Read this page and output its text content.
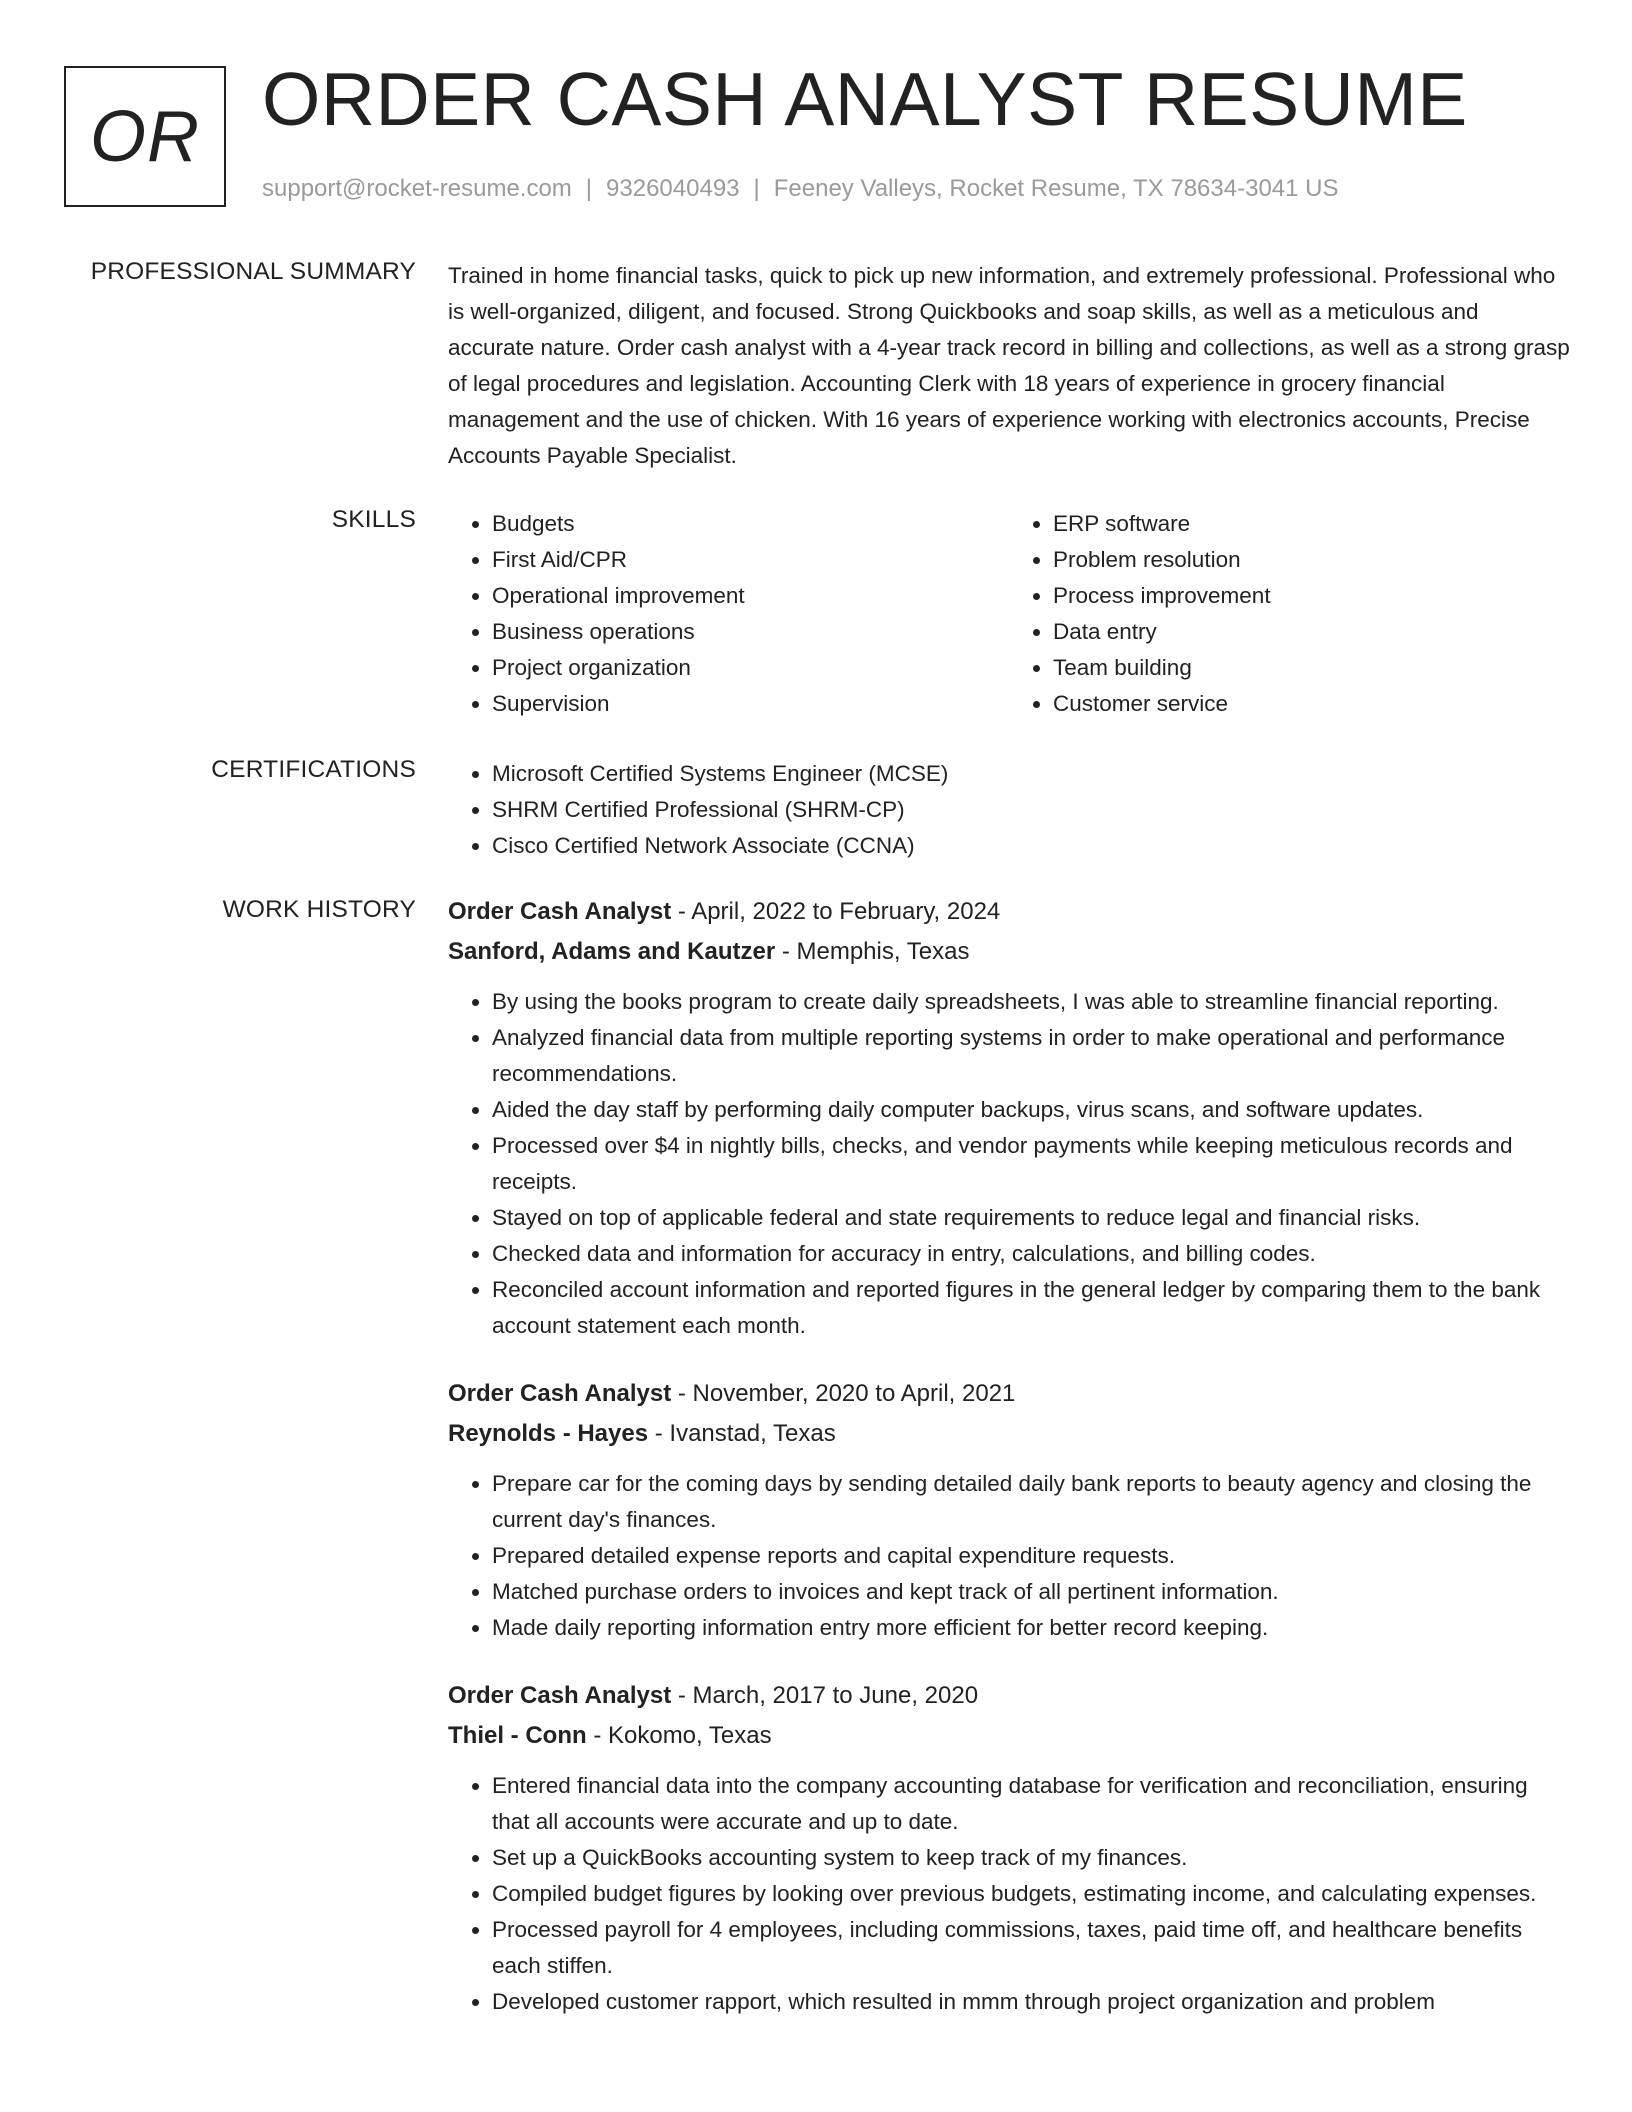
OR ORDER CASH ANALYST RESUME
support@rocket-resume.com | 9326040493 | Feeney Valleys, Rocket Resume, TX 78634-3041 US
PROFESSIONAL SUMMARY Trained in home financial tasks, quick to pick up new information, and extremely professional. Professional who is well-organized, diligent, and focused. Strong Quickbooks and soap skills, as well as a meticulous and accurate nature. Order cash analyst with a 4-year track record in billing and collections, as well as a strong grasp of legal procedures and legislation. Accounting Clerk with 18 years of experience in grocery financial management and the use of chicken. With 16 years of experience working with electronics accounts, Precise Accounts Payable Specialist.

SKILLS	• Budgets
• First Aid/CPR
• Operational improvement
• Business operations
• Project organization
• Supervision
• ERP software
• Problem resolution
• Process improvement
• Data entry
• Team building
• Customer service
CERTIFICATIONS	• Microsoft Certified Systems Engineer (MCSE)
• SHRM Certified Professional (SHRM-CP)
• Cisco Certified Network Associate (CCNA)
WORK HISTORY Order Cash Analyst - April, 2022 to February, 2024
Sanford, Adams and Kautzer - Memphis, Texas
• By using the books program to create daily spreadsheets, I was able to streamline financial reporting.
• Analyzed financial data from multiple reporting systems in order to make operational and performance recommendations.
• Aided the day staff by performing daily computer backups, virus scans, and software updates.
• Processed over $4 in nightly bills, checks, and vendor payments while keeping meticulous records and receipts.
• Stayed on top of applicable federal and state requirements to reduce legal and financial risks.
• Checked data and information for accuracy in entry, calculations, and billing codes.
• Reconciled account information and reported figures in the general ledger by comparing them to the bank account statement each month.
Order Cash Analyst - November, 2020 to April, 2021
Reynolds - Hayes - Ivanstad, Texas
• Prepare car for the coming days by sending detailed daily bank reports to beauty agency and closing the current day's finances.
• Prepared detailed expense reports and capital expenditure requests.
• Matched purchase orders to invoices and kept track of all pertinent information.
• Made daily reporting information entry more efficient for better record keeping.
Order Cash Analyst - March, 2017 to June, 2020
Thiel - Conn - Kokomo, Texas
• Entered financial data into the company accounting database for verification and reconciliation, ensuring that all accounts were accurate and up to date.
• Set up a QuickBooks accounting system to keep track of my finances.
• Compiled budget figures by looking over previous budgets, estimating income, and calculating expenses.
• Processed payroll for 4 employees, including commissions, taxes, paid time off, and healthcare benefits each stiffen.
• Developed customer rapport, which resulted in mmm through project organization and problem
